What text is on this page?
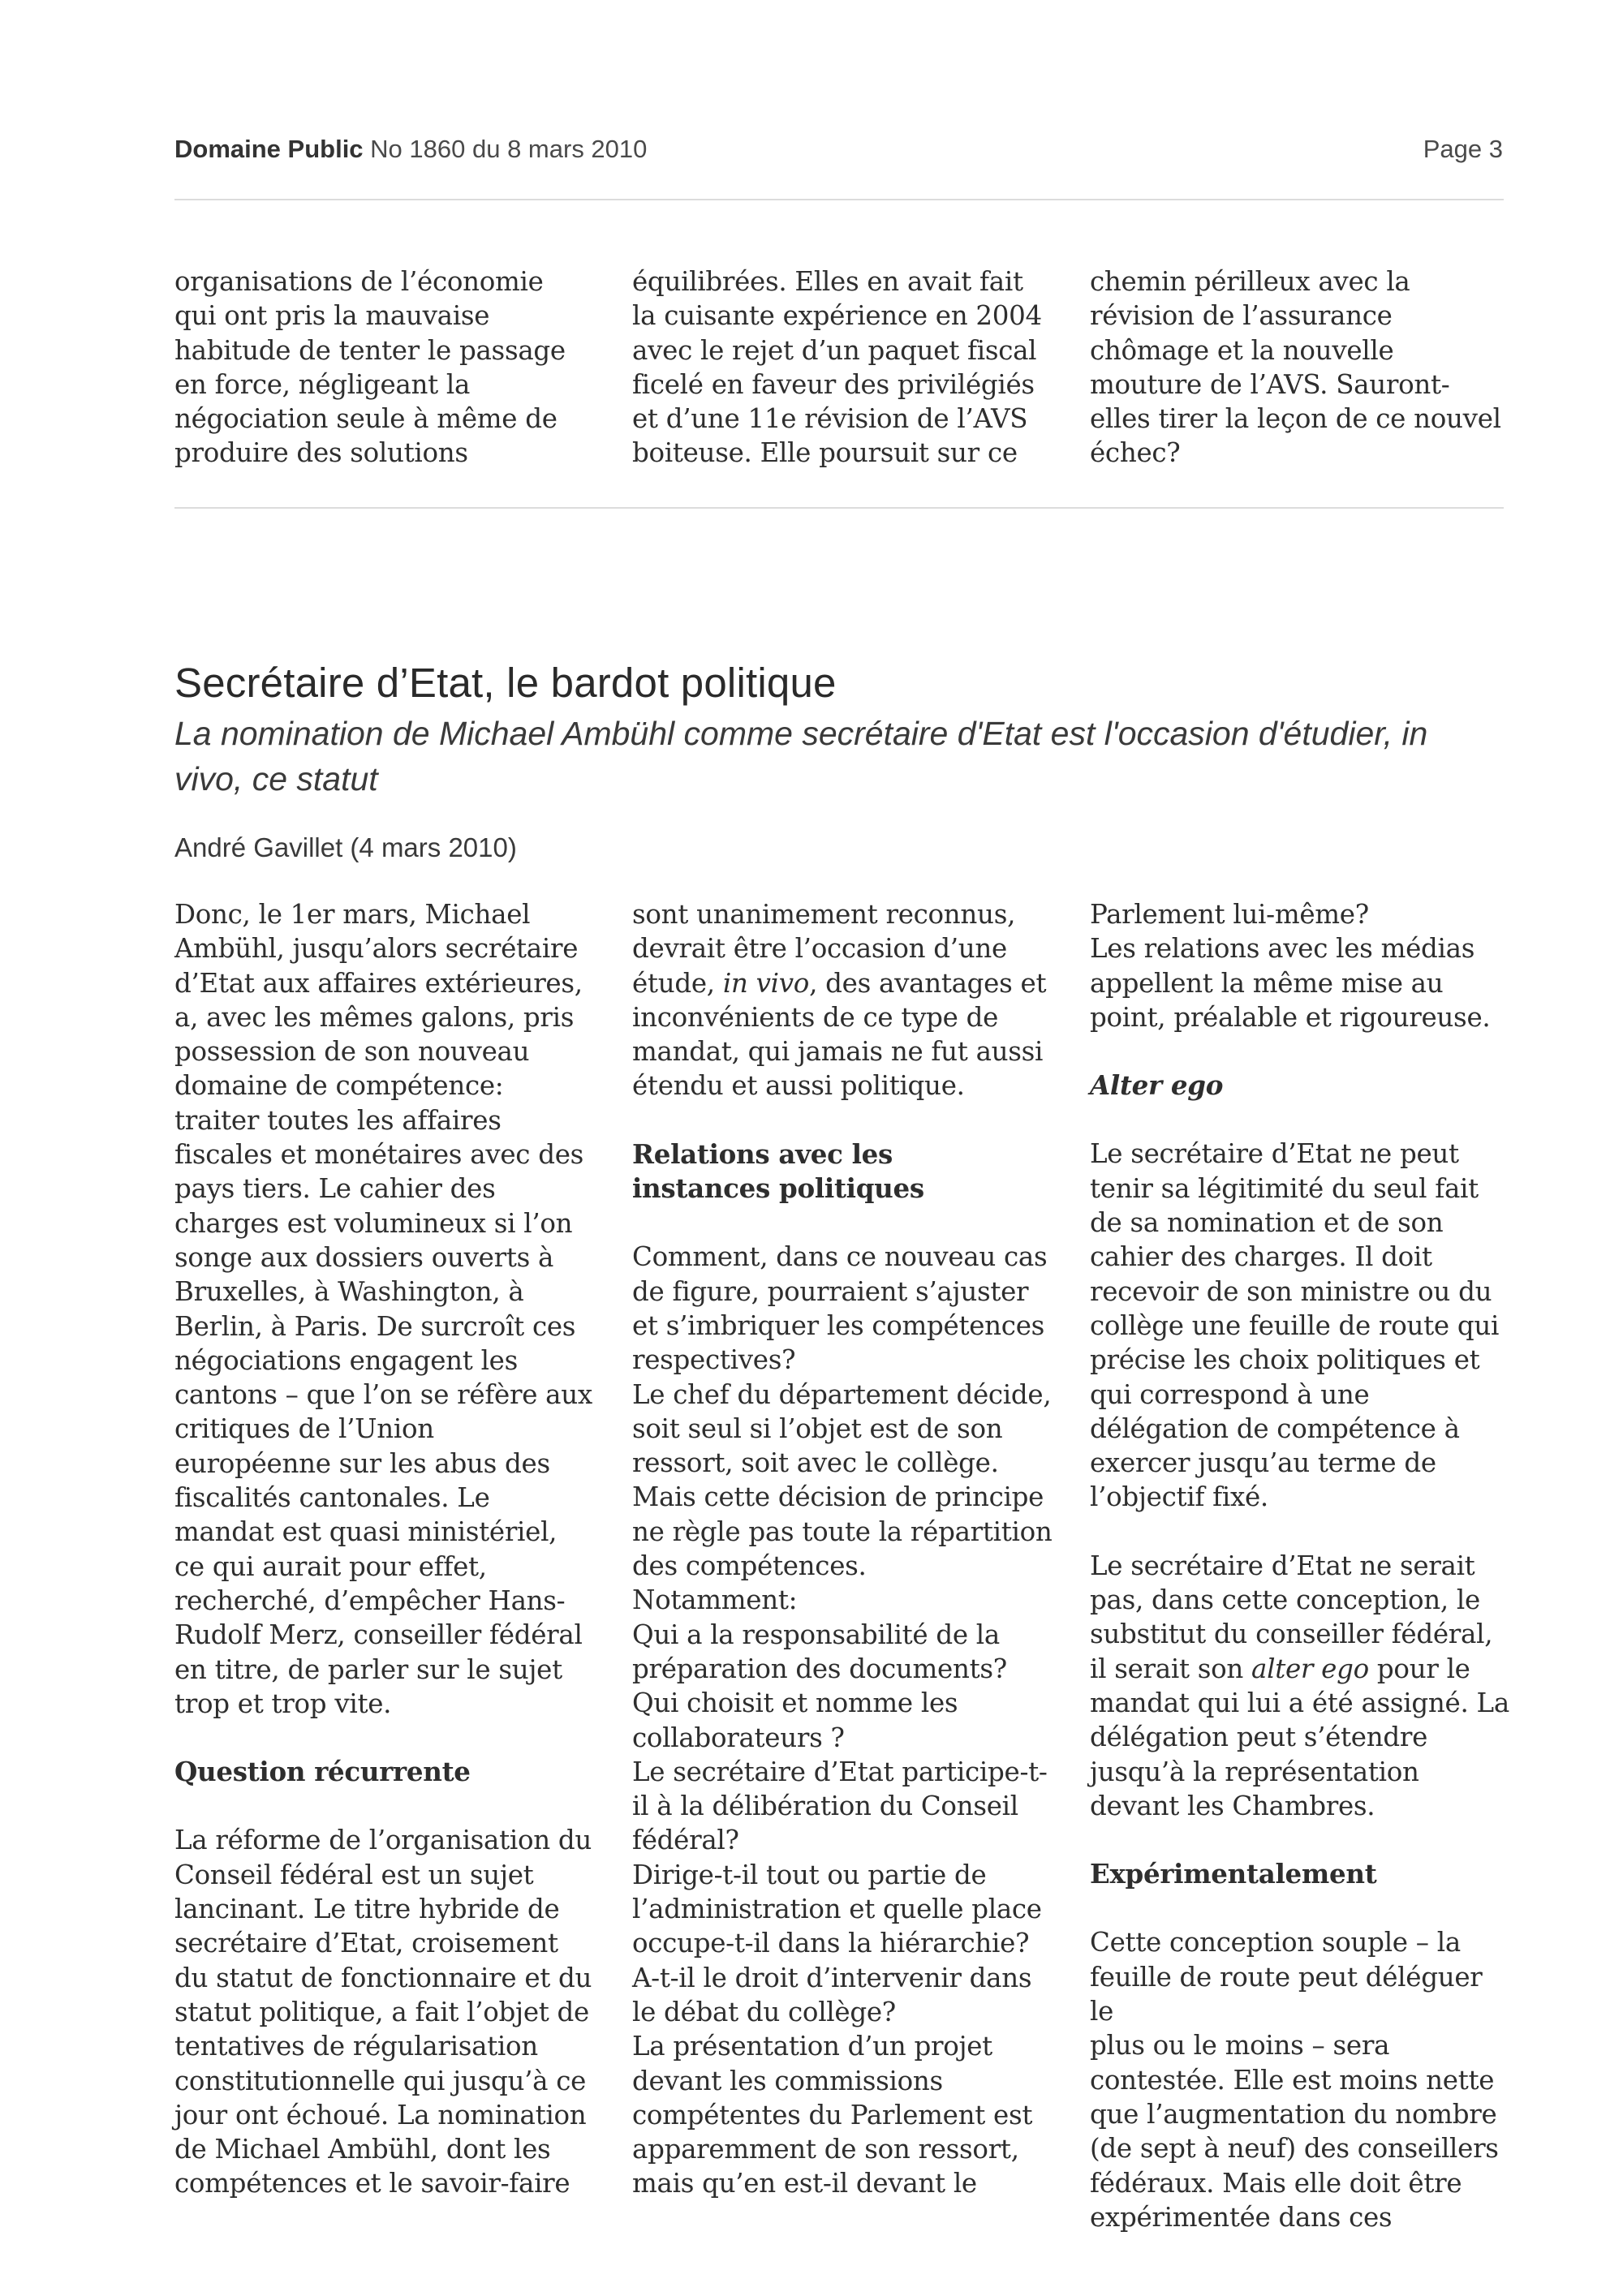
Domaine Public No 1860 du 8 mars 2010	Page 3

organisations de l’économie
qui ont pris la mauvaise
habitude de tenter le passage
en force, négligeant la
négociation seule à même de
produire des solutions

équilibrées. Elles en avait fait
la cuisante expérience en 2004
avec le rejet d’un paquet fiscal
ficelé en faveur des privilégiés
et d’une 11e révision de l’AVS
boiteuse. Elle poursuit sur ce

chemin périlleux avec la
révision de l’assurance
chômage et la nouvelle
mouture de l’AVS. Sauront-
elles tirer la leçon de ce nouvel
échec?

Secrétaire d’Etat, le bardot politique
La nomination de Michael Ambühl comme secrétaire d'Etat est l'occasion d'étudier, in vivo, ce statut
André Gavillet (4 mars 2010)

Donc, le 1er mars, Michael
Ambühl, jusqu’alors secrétaire
d’Etat aux affaires extérieures,
a, avec les mêmes galons, pris
possession de son nouveau
domaine de compétence:
traiter toutes les affaires
fiscales et monétaires avec des
pays tiers. Le cahier des
charges est volumineux si l’on
songe aux dossiers ouverts à
Bruxelles, à Washington, à
Berlin, à Paris. De surcroît ces
négociations engagent les
cantons – que l’on se réfère aux
critiques de l’Union
européenne sur les abus des
fiscalités cantonales. Le
mandat est quasi ministériel,
ce qui aurait pour effet,
recherché, d’empêcher Hans-
Rudolf Merz, conseiller fédéral
en titre, de parler sur le sujet
trop et trop vite.

Question récurrente

La réforme de l’organisation du
Conseil fédéral est un sujet
lancinant. Le titre hybride de
secrétaire d’Etat, croisement
du statut de fonctionnaire et du
statut politique, a fait l’objet de
tentatives de régularisation
constitutionnelle qui jusqu’à ce
jour ont échoué. La nomination
de Michael Ambühl, dont les
compétences et le savoir-faire

sont unanimement reconnus,
devrait être l’occasion d’une
étude, in vivo, des avantages et
inconvénients de ce type de
mandat, qui jamais ne fut aussi
étendu et aussi politique.

Relations avec les
instances politiques

Comment, dans ce nouveau cas
de figure, pourraient s’ajuster
et s’imbriquer les compétences
respectives?
Le chef du département décide,
soit seul si l’objet est de son
ressort, soit avec le collège.
Mais cette décision de principe
ne règle pas toute la répartition
des compétences.
Notamment:
Qui a la responsabilité de la
préparation des documents?
Qui choisit et nomme les
collaborateurs ?
Le secrétaire d’Etat participe-t-
il à la délibération du Conseil
fédéral?
Dirige-t-il tout ou partie de
l’administration et quelle place
occupe-t-il dans la hiérarchie?
A-t-il le droit d’intervenir dans
le débat du collège?
La présentation d’un projet
devant les commissions
compétentes du Parlement est
apparemment de son ressort,
mais qu’en est-il devant le

Parlement lui-même?
Les relations avec les médias
appellent la même mise au
point, préalable et rigoureuse.

Alter ego

Le secrétaire d’Etat ne peut
tenir sa légitimité du seul fait
de sa nomination et de son
cahier des charges. Il doit
recevoir de son ministre ou du
collège une feuille de route qui
précise les choix politiques et
qui correspond à une
délégation de compétence à
exercer jusqu’au terme de
l’objectif fixé.

Le secrétaire d’Etat ne serait
pas, dans cette conception, le
substitut du conseiller fédéral,
il serait son alter ego pour le
mandat qui lui a été assigné. La
délégation peut s’étendre
jusqu’à la représentation
devant les Chambres.

Expérimentalement

Cette conception souple – la
feuille de route peut déléguer le
plus ou le moins – sera
contestée. Elle est moins nette
que l’augmentation du nombre
(de sept à neuf) des conseillers
fédéraux. Mais elle doit être
expérimentée dans ces
